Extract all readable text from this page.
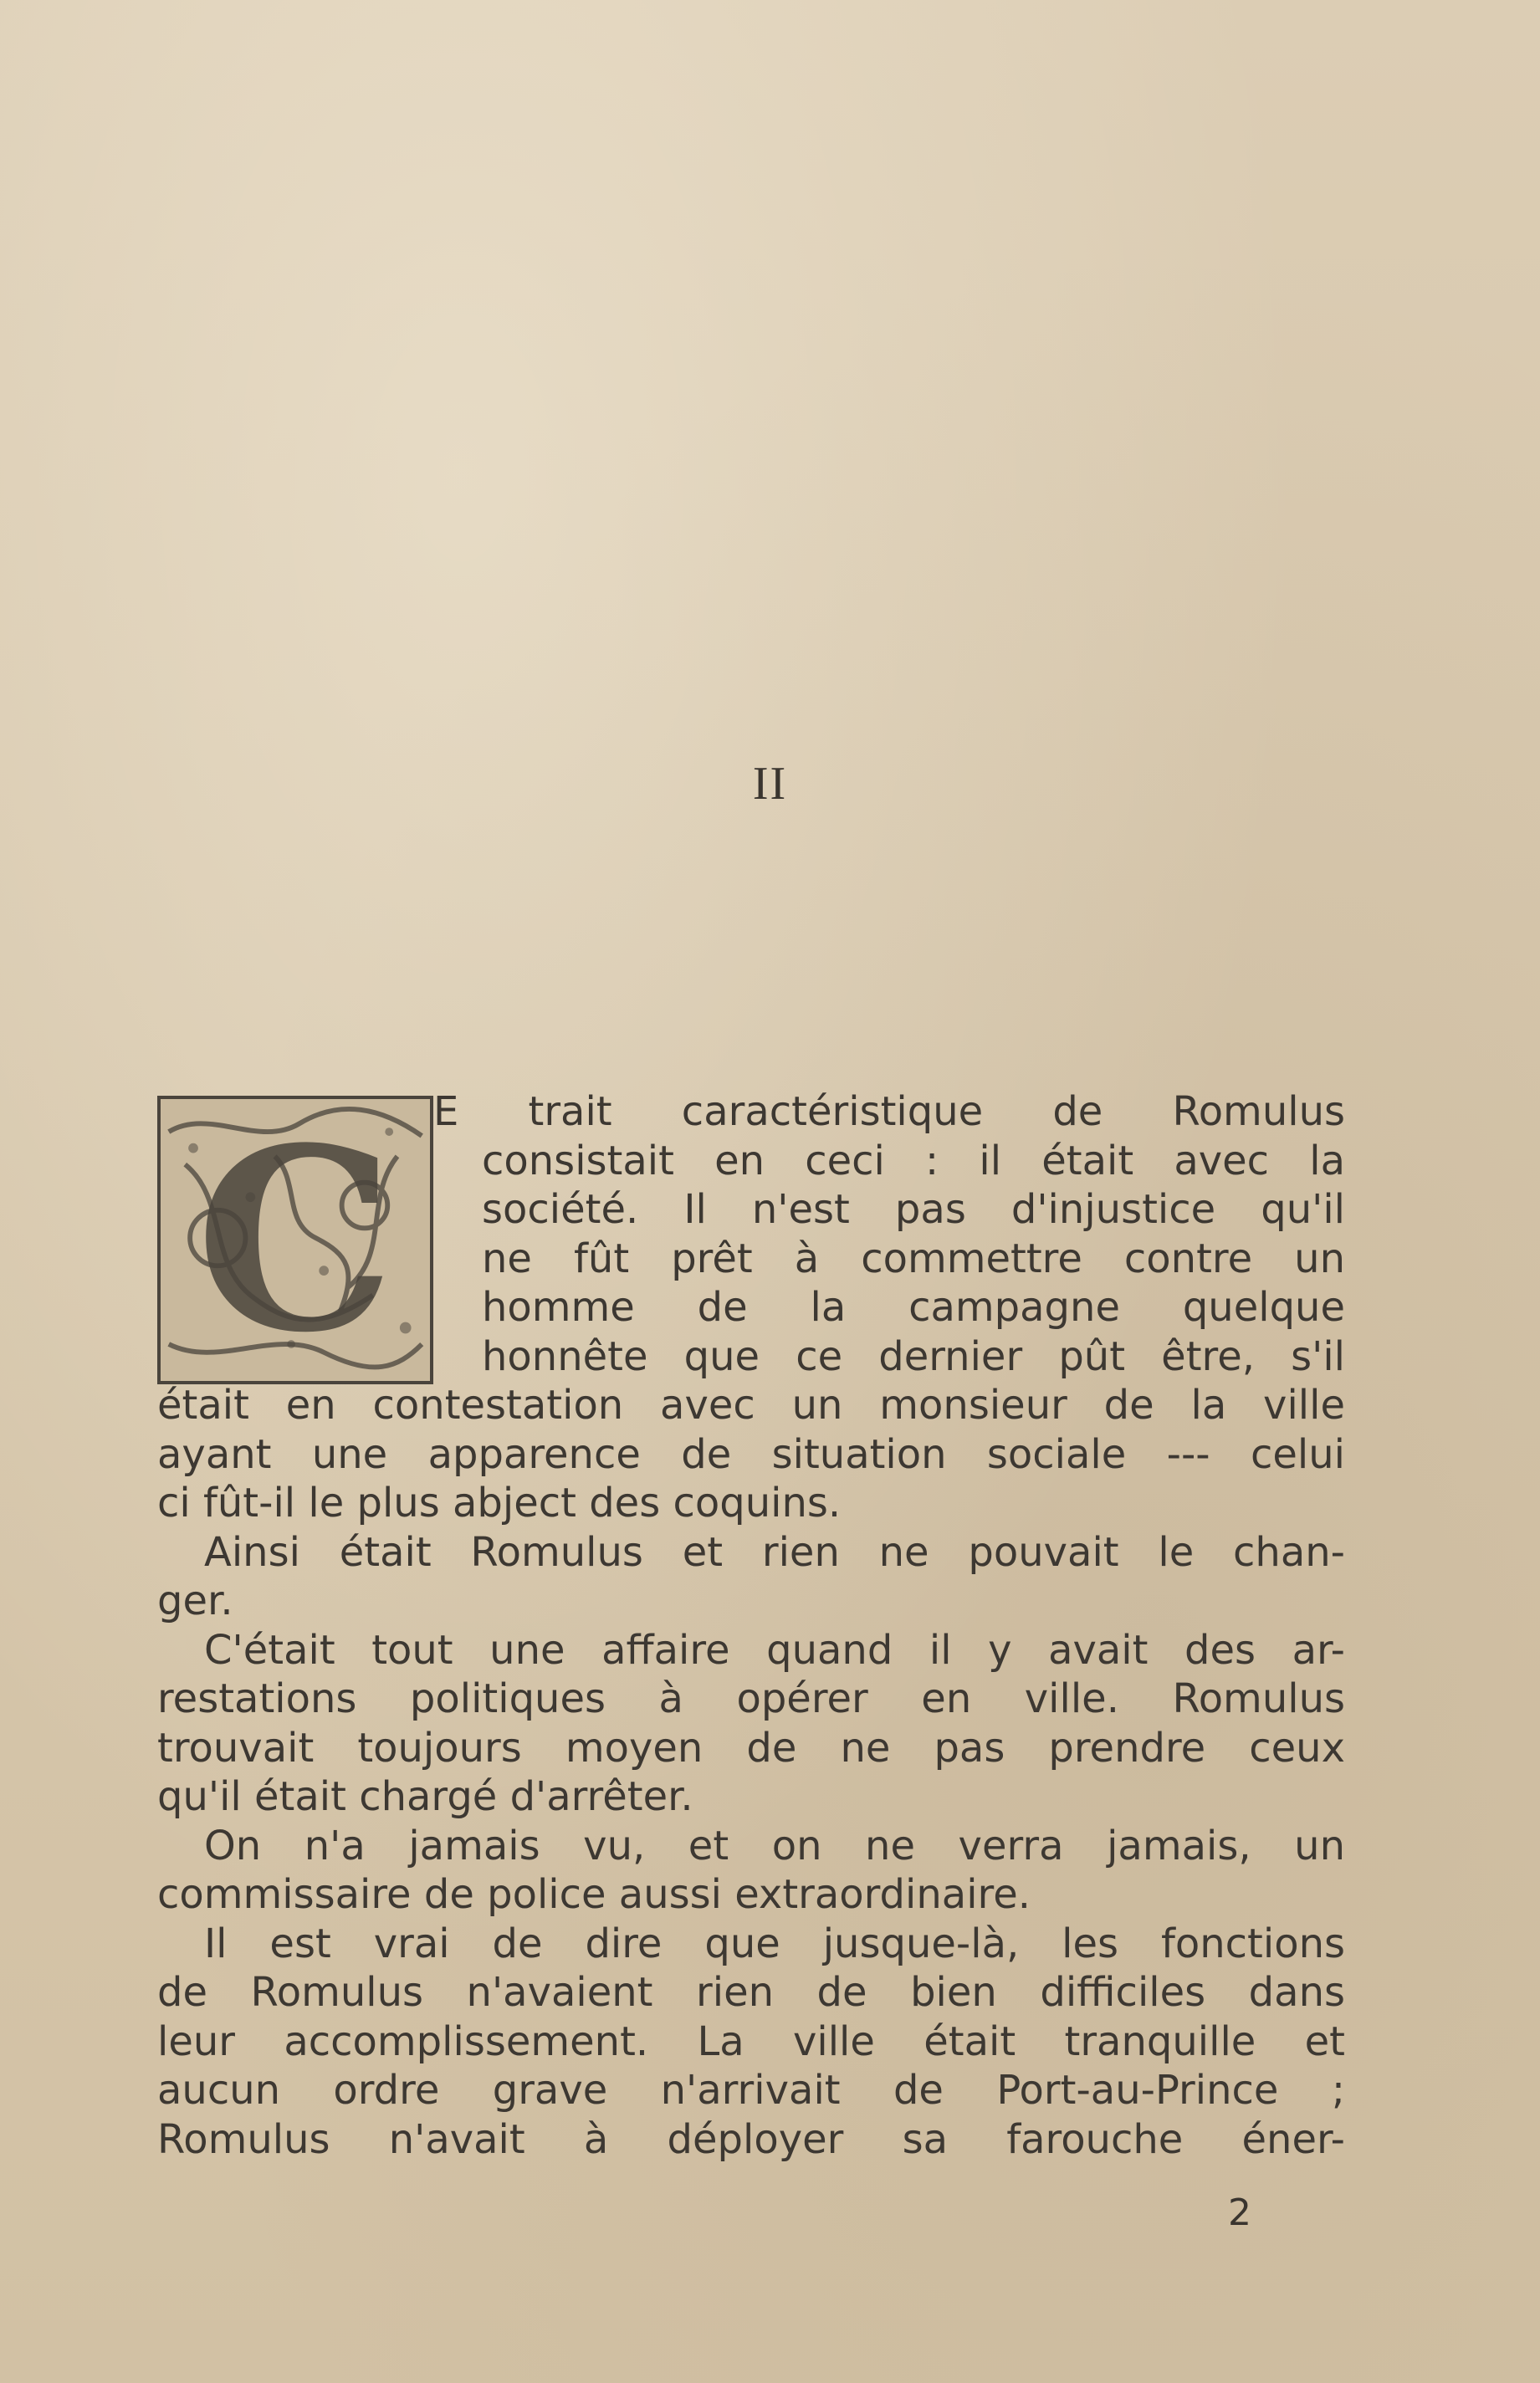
II
C E trait caractéristique de Romulus
consistait en ceci : il était avec la
société. Il n'est pas d'injustice qu'il
ne fût prêt à commettre contre un
homme de la campagne quelque
honnête que ce dernier pût être, s'il
était en contestation avec un monsieur de la ville
ayant une apparence de situation sociale --- celui
ci fût-il le plus abject des coquins.
Ainsi était Romulus et rien ne pouvait le chan-
ger.
C'était tout une affaire quand il y avait des ar-
restations politiques à opérer en ville. Romulus
trouvait toujours moyen de ne pas prendre ceux
qu'il était chargé d'arrêter.
On n'a jamais vu, et on ne verra jamais, un
commissaire de police aussi extraordinaire.
Il est vrai de dire que jusque-là, les fonctions
de Romulus n'avaient rien de bien difficiles dans
leur accomplissement. La ville était tranquille et
aucun ordre grave n'arrivait de Port-au-Prince ;
Romulus n'avait à déployer sa farouche éner-
2
